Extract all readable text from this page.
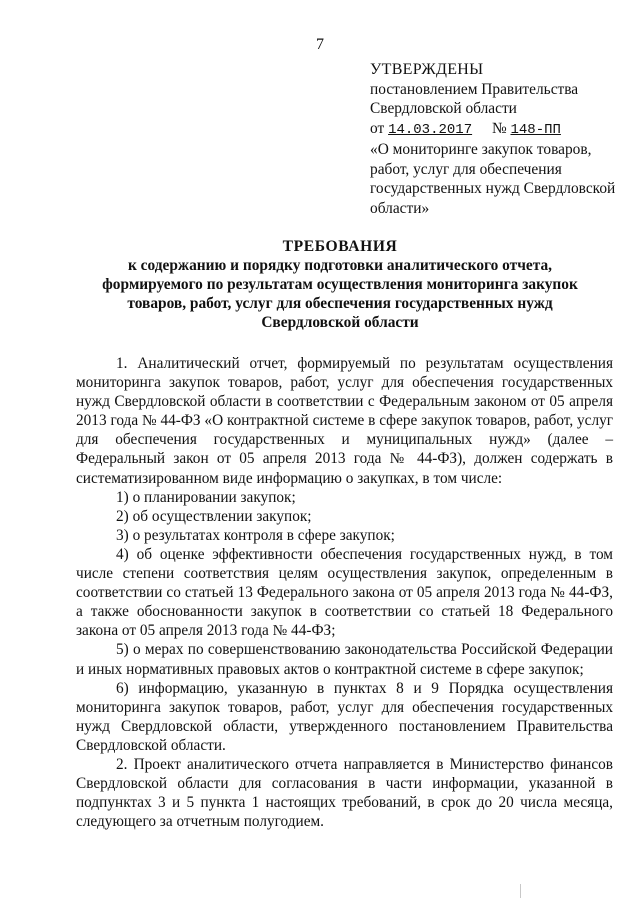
7
УТВЕРЖДЕНЫ
постановлением Правительства
Свердловской области
от 14.03.2017 № 148-ПП
«О мониторинге закупок товаров,
работ, услуг для обеспечения
государственных нужд Свердловской
области»
ТРЕБОВАНИЯ
к содержанию и порядку подготовки аналитического отчета,
формируемого по результатам осуществления мониторинга закупок
товаров, работ, услуг для обеспечения государственных нужд
Свердловской области

1. Аналитический отчет, формируемый по результатам осуществления мониторинга закупок товаров, работ, услуг для обеспечения государственных нужд Свердловской области в соответствии с Федеральным законом от 05 апреля 2013 года № 44-ФЗ «О контрактной системе в сфере закупок товаров, работ, услуг для обеспечения государственных и муниципальных нужд» (далее – Федеральный закон от 05 апреля 2013 года № 44-ФЗ), должен содержать в систематизированном виде информацию о закупках, в том числе:

1) о планировании закупок;

2) об осуществлении закупок;

3) о результатах контроля в сфере закупок;

4) об оценке эффективности обеспечения государственных нужд, в том числе степени соответствия целям осуществления закупок, определенным в соответствии со статьей 13 Федерального закона от 05 апреля 2013 года № 44-ФЗ, а также обоснованности закупок в соответствии со статьей 18 Федерального закона от 05 апреля 2013 года № 44-ФЗ;

5) о мерах по совершенствованию законодательства Российской Федерации и иных нормативных правовых актов о контрактной системе в сфере закупок;

6) информацию, указанную в пунктах 8 и 9 Порядка осуществления мониторинга закупок товаров, работ, услуг для обеспечения государственных нужд Свердловской области, утвержденного постановлением Правительства Свердловской области.

2. Проект аналитического отчета направляется в Министерство финансов Свердловской области для согласования в части информации, указанной в подпунктах 3 и 5 пункта 1 настоящих требований, в срок до 20 числа месяца, следующего за отчетным полугодием.
